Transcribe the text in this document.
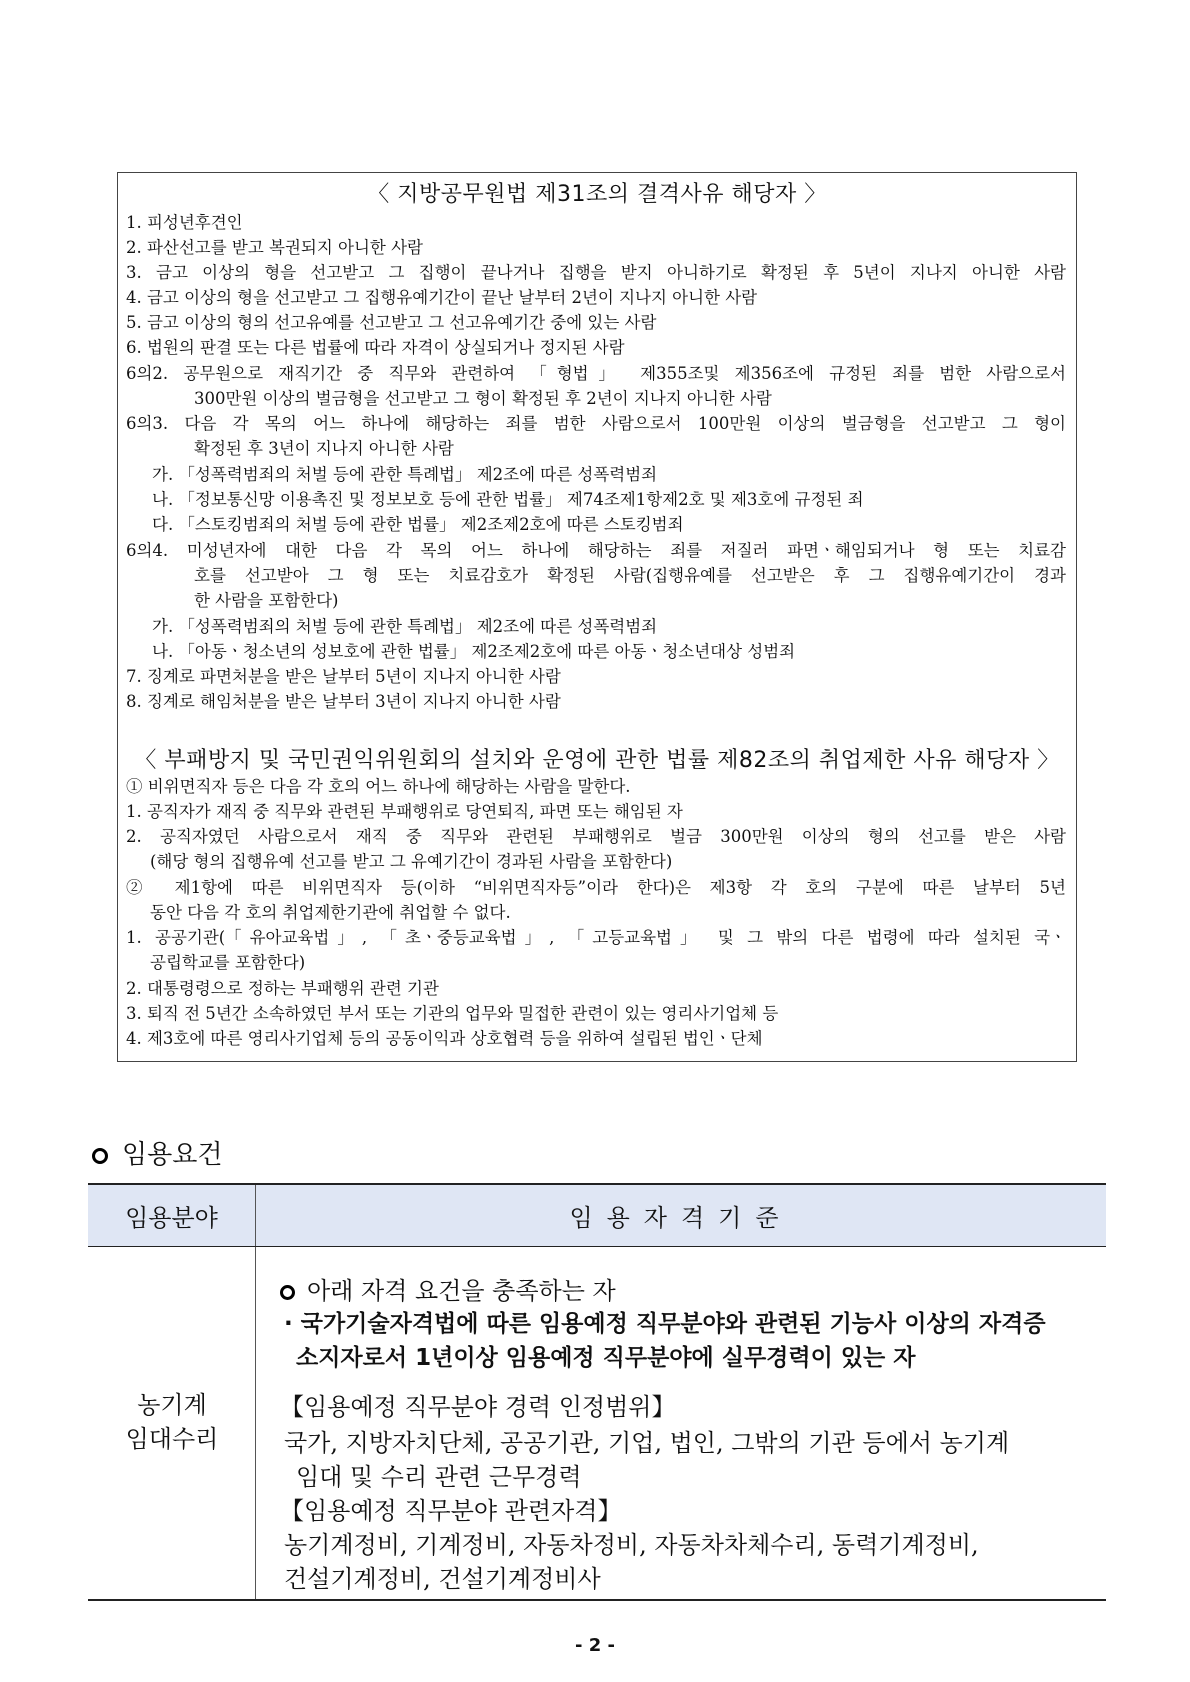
〈 지방공무원법 제31조의 결격사유 해당자 〉
1. 피성년후견인
2. 파산선고를 받고 복권되지 아니한 사람
3. 금고 이상의 형을 선고받고 그 집행이 끝나거나 집행을 받지 아니하기로 확정된 후 5년이 지나지 아니한 사람
4. 금고 이상의 형을 선고받고 그 집행유예기간이 끝난 날부터 2년이 지나지 아니한 사람
5. 금고 이상의 형의 선고유예를 선고받고 그 선고유예기간 중에 있는 사람
6. 법원의 판결 또는 다른 법률에 따라 자격이 상실되거나 정지된 사람
6의2. 공무원으로 재직기간 중 직무와 관련하여 「형법」 제355조및 제356조에 규정된 죄를 범한 사람으로서
300만원 이상의 벌금형을 선고받고 그 형이 확정된 후 2년이 지나지 아니한 사람
6의3. 다음 각 목의 어느 하나에 해당하는 죄를 범한 사람으로서 100만원 이상의 벌금형을 선고받고 그 형이
확정된 후 3년이 지나지 아니한 사람
가. 「성폭력범죄의 처벌 등에 관한 특례법」 제2조에 따른 성폭력범죄
나. 「정보통신망 이용촉진 및 정보보호 등에 관한 법률」 제74조제1항제2호 및 제3호에 규정된 죄
다. 「스토킹범죄의 처벌 등에 관한 법률」 제2조제2호에 따른 스토킹범죄
6의4. 미성년자에 대한 다음 각 목의 어느 하나에 해당하는 죄를 저질러 파면ㆍ해임되거나 형 또는 치료감
호를 선고받아 그 형 또는 치료감호가 확정된 사람(집행유예를 선고받은 후 그 집행유예기간이 경과
한 사람을 포함한다)
가. 「성폭력범죄의 처벌 등에 관한 특례법」 제2조에 따른 성폭력범죄
나. 「아동ㆍ청소년의 성보호에 관한 법률」 제2조제2호에 따른 아동ㆍ청소년대상 성범죄
7. 징계로 파면처분을 받은 날부터 5년이 지나지 아니한 사람
8. 징계로 해임처분을 받은 날부터 3년이 지나지 아니한 사람
〈 부패방지 및 국민권익위원회의 설치와 운영에 관한 법률 제82조의 취업제한 사유 해당자 〉
① 비위면직자 등은 다음 각 호의 어느 하나에 해당하는 사람을 말한다.
1. 공직자가 재직 중 직무와 관련된 부패행위로 당연퇴직, 파면 또는 해임된 자
2. 공직자였던 사람으로서 재직 중 직무와 관련된 부패행위로 벌금 300만원 이상의 형의 선고를 받은 사람
(해당 형의 집행유예 선고를 받고 그 유예기간이 경과된 사람을 포함한다)
② 제1항에 따른 비위면직자 등(이하 “비위면직자등”이라 한다)은 제3항 각 호의 구분에 따른 날부터 5년
동안 다음 각 호의 취업제한기관에 취업할 수 없다.
1. 공공기관(「유아교육법」, 「초ㆍ중등교육법」, 「고등교육법」 및 그 밖의 다른 법령에 따라 설치된 국ㆍ
공립학교를 포함한다)
2. 대통령령으로 정하는 부패행위 관련 기관
3. 퇴직 전 5년간 소속하였던 부서 또는 기관의 업무와 밀접한 관련이 있는 영리사기업체 등
4. 제3호에 따른 영리사기업체 등의 공동이익과 상호협력 등을 위하여 설립된 법인ㆍ단체
임용요건
임용분야	임용자격기준
농기계
임대수리
아래 자격 요건을 충족하는 자
· 국가기술자격법에 따른 임용예정 직무분야와 관련된 기능사 이상의 자격증
소지자로서 1년이상 임용예정 직무분야에 실무경력이 있는 자
【임용예정 직무분야 경력 인정범위】
국가, 지방자치단체, 공공기관, 기업, 법인, 그밖의 기관 등에서 농기계
임대 및 수리 관련 근무경력
【임용예정 직무분야 관련자격】
농기계정비, 기계정비, 자동차정비, 자동차차체수리, 동력기계정비,
건설기계정비, 건설기계정비사
- 2 -
